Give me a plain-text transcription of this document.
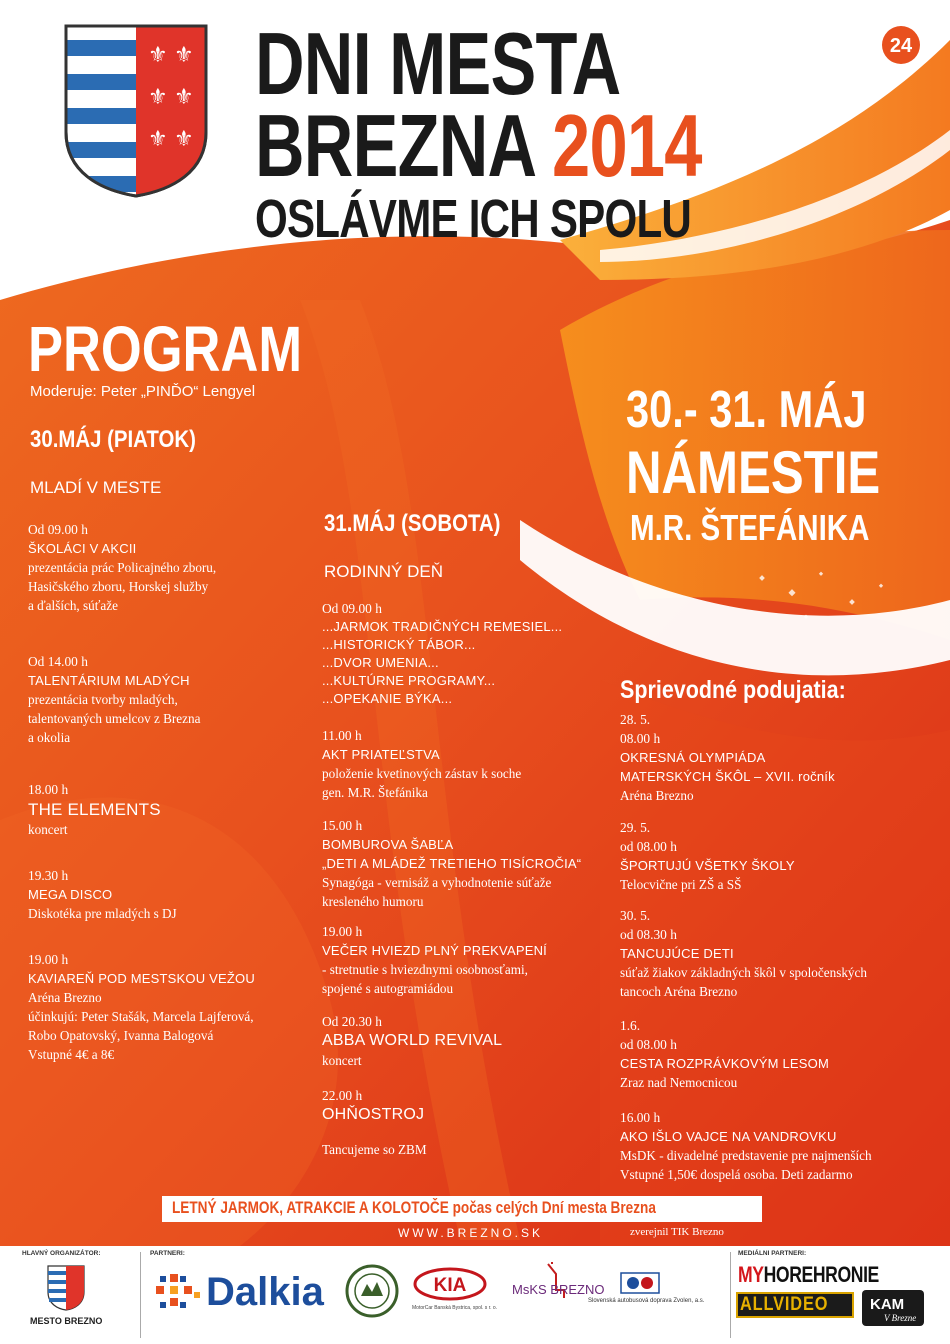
⚜ ⚜
⚜ ⚜
⚜ ⚜
DNI MESTA
BREZNA 2014
OSLÁVME ICH SPOLU
24
PROGRAM
Moderuje: Peter „PINĎO“ Lengyel
30.MÁJ (PIATOK)
MLADÍ V MESTE
Od 09.00 h
ŠKOLÁCI V AKCII
prezentácia prác Policajného zboru,
Hasičského zboru, Horskej služby
a ďalších, súťaže
Od 14.00 h
TALENTÁRIUM MLADÝCH
prezentácia tvorby mladých,
talentovaných umelcov z Brezna
a okolia
18.00 h
THE ELEMENTS
koncert
19.30 h
MEGA DISCO
Diskotéka pre mladých s DJ
19.00 h
KAVIAREŇ POD MESTSKOU VEŽOU
Aréna Brezno
účinkujú: Peter Stašák, Marcela Lajferová,
Robo Opatovský, Ivanna Balogová
Vstupné 4€ a 8€
31.MÁJ (SOBOTA)
RODINNÝ DEŇ
Od 09.00 h
...JARMOK TRADIČNÝCH REMESIEL...
...HISTORICKÝ TÁBOR...
...DVOR UMENIA...
...KULTÚRNE PROGRAMY...
...OPEKANIE BÝKA...
11.00 h
AKT PRIATEĽSTVA
položenie kvetinových zástav k soche
gen. M.R. Štefánika
15.00 h
BOMBUROVA ŠABĽA
„DETI A MLÁDEŽ TRETIEHO TISÍCROČIA“
Synagóga - vernisáž a vyhodnotenie súťaže
kresleného humoru
19.00 h
VEČER HVIEZD PLNÝ PREKVAPENÍ
- stretnutie s hviezdnymi osobnosťami,
spojené s autogramiádou
Od 20.30 h
ABBA WORLD REVIVAL
koncert
22.00 h
OHŇOSTROJ
Tancujeme so ZBM
30.- 31. MÁJ
NÁMESTIE
M.R. ŠTEFÁNIKA
Sprievodné podujatia:
28. 5.
08.00 h
OKRESNÁ OLYMPIÁDA
MATERSKÝCH ŠKÔL – XVII. ročník
Aréna Brezno
29. 5.
od 08.00 h
ŠPORTUJÚ VŠETKY ŠKOLY
Telocvične pri ZŠ a SŠ
30. 5.
od 08.30 h
TANCUJÚCE DETI
súťaž žiakov základných škôl v spoločenských
tancoch Aréna Brezno
1.6.
od 08.00 h
CESTA ROZPRÁVKOVÝM LESOM
Zraz nad Nemocnicou
16.00 h
AKO IŠLO VAJCE NA VANDROVKU
MsDK - divadelné predstavenie pre najmenších
Vstupné 1,50€ dospelá osoba. Deti zadarmo
LETNÝ JARMOK, ATRAKCIE A KOLOTOČE počas celých Dní mesta Brezna
WWW.BREZNO.SK	zverejnil TIK Brezno
HLAVNÝ ORGANIZÁTOR:
MESTO BREZNO
PARTNERI:
Dalkia	KIA
MotorCar Banská Bystrica, spol. s r. o.
MsKS BREZNO
Slovenská autobusová doprava Zvolen, a.s.
MEDIÁLNI PARTNERI:
MYHOREHRONIE
ALLVIDEO	KAM
V Brezne
